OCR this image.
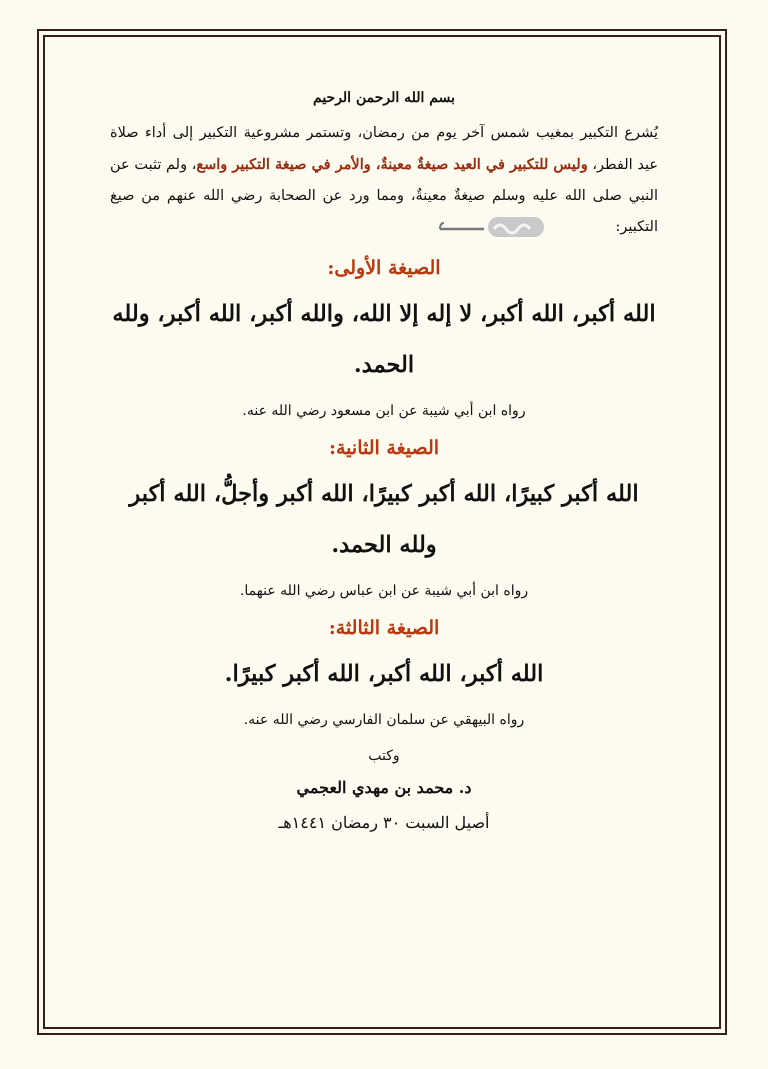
بسم الله الرحمن الرحيم

يُشرع التكبير بمغيب شمس آخر يوم من رمضان، وتستمر مشروعية التكبير إلى أداء صلاة عيد الفطر، وليس للتكبير في العيد صيغةٌ معينةٌ، والأمر في صيغة التكبير واسع، ولم تثبت عن النبي صلى الله عليه وسلم صيغةٌ معينةٌ، ومما ورد عن الصحابة رضي الله عنهم من صيغ التكبير:

الصيغة الأولى:

الله أكبر، الله أكبر، لا إله إلا الله، والله أكبر، الله أكبر، ولله الحمد.

رواه ابن أبي شيبة عن ابن مسعود رضي الله عنه.

الصيغة الثانية:

الله أكبر كبيرًا، الله أكبر كبيرًا، الله أكبر وأجلُّ، الله أكبر ولله الحمد.

رواه ابن أبي شيبة عن ابن عباس رضي الله عنهما.

الصيغة الثالثة:

الله أكبر، الله أكبر، الله أكبر كبيرًا.

رواه البيهقي عن سلمان الفارسي رضي الله عنه.

وكتب

د. محمد بن مهدي العجمي

أصيل السبت ٣٠ رمضان ١٤٤١هـ
